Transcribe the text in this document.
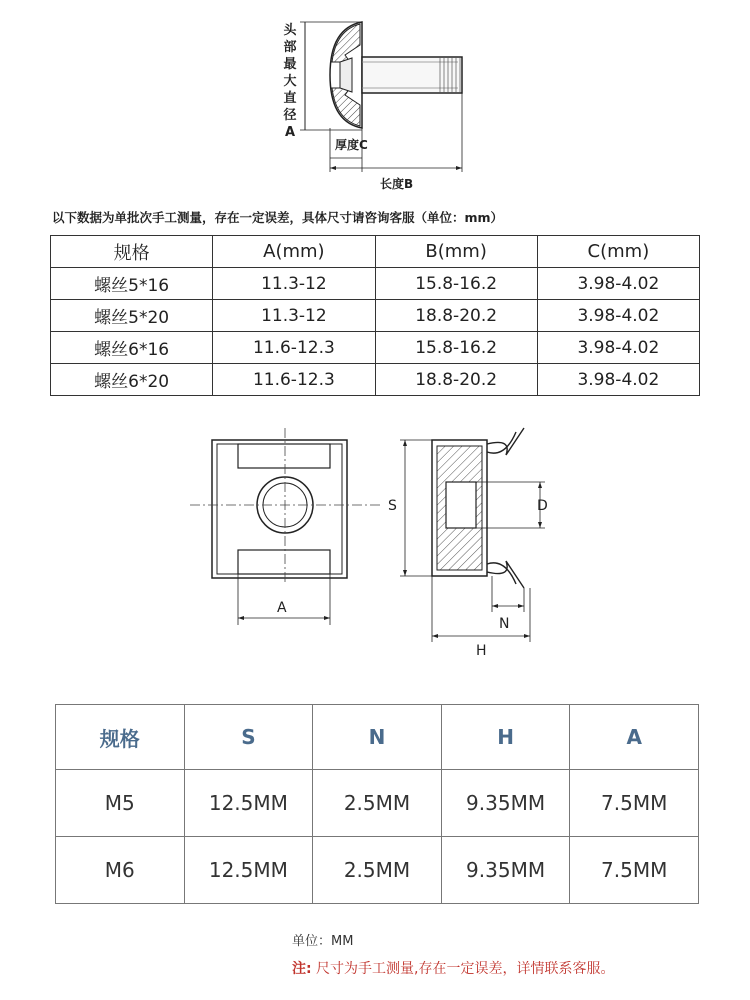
头
部
最
大
直
径
A
厚度C
长度B
以下数据为单批次手工测量，存在一定误差，具体尺寸请咨询客服（单位：mm）
规格	A(mm)	B(mm)	C(mm)
螺丝5*16	11.3-12	15.8-16.2	3.98-4.02
螺丝5*20	11.3-12	18.8-20.2	3.98-4.02
螺丝6*16	11.6-12.3	15.8-16.2	3.98-4.02
螺丝6*20	11.6-12.3	18.8-20.2	3.98-4.02
A
S	D
N
H
规格	S	N	H	A
M5	12.5MM	2.5MM	9.35MM	7.5MM
M6	12.5MM	2.5MM	9.35MM	7.5MM
单位：MM
注: 尺寸为手工测量,存在一定误差，详情联系客服。
